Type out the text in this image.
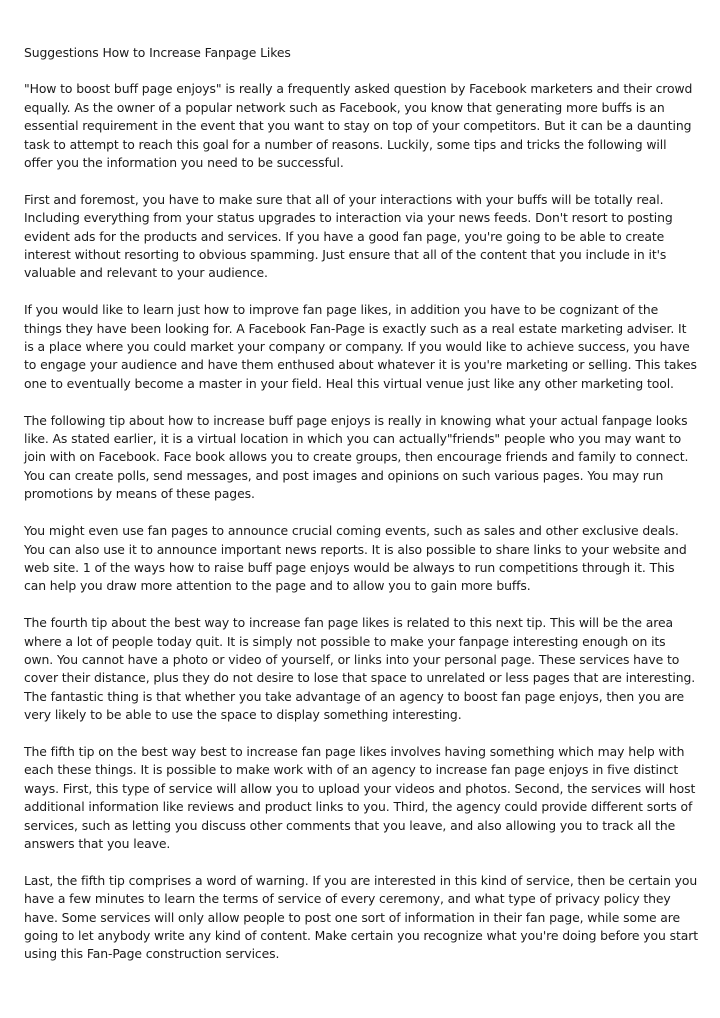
Suggestions How to Increase Fanpage Likes

"How to boost buff page enjoys" is really a frequently asked question by Facebook marketers and their crowd equally. As the owner of a popular network such as Facebook, you know that generating more buffs is an essential requirement in the event that you want to stay on top of your competitors. But it can be a daunting task to attempt to reach this goal for a number of reasons. Luckily, some tips and tricks the following will offer you the information you need to be successful.

First and foremost, you have to make sure that all of your interactions with your buffs will be totally real. Including everything from your status upgrades to interaction via your news feeds. Don't resort to posting evident ads for the products and services. If you have a good fan page, you're going to be able to create interest without resorting to obvious spamming. Just ensure that all of the content that you include in it's valuable and relevant to your audience.

If you would like to learn just how to improve fan page likes, in addition you have to be cognizant of the things they have been looking for. A Facebook Fan-Page is exactly such as a real estate marketing adviser. It is a place where you could market your company or company. If you would like to achieve success, you have to engage your audience and have them enthused about whatever it is you're marketing or selling. This takes one to eventually become a master in your field. Heal this virtual venue just like any other marketing tool.

The following tip about how to increase buff page enjoys is really in knowing what your actual fanpage looks like. As stated earlier, it is a virtual location in which you can actually"friends" people who you may want to join with on Facebook. Face book allows you to create groups, then encourage friends and family to connect. You can create polls, send messages, and post images and opinions on such various pages. You may run promotions by means of these pages.

You might even use fan pages to announce crucial coming events, such as sales and other exclusive deals. You can also use it to announce important news reports. It is also possible to share links to your website and web site. 1 of the ways how to raise buff page enjoys would be always to run competitions through it. This can help you draw more attention to the page and to allow you to gain more buffs.

The fourth tip about the best way to increase fan page likes is related to this next tip. This will be the area where a lot of people today quit. It is simply not possible to make your fanpage interesting enough on its own. You cannot have a photo or video of yourself, or links into your personal page. These services have to cover their distance, plus they do not desire to lose that space to unrelated or less pages that are interesting. The fantastic thing is that whether you take advantage of an agency to boost fan page enjoys, then you are very likely to be able to use the space to display something interesting.

The fifth tip on the best way best to increase fan page likes involves having something which may help with each these things. It is possible to make work with of an agency to increase fan page enjoys in five distinct ways. First, this type of service will allow you to upload your videos and photos. Second, the services will host additional information like reviews and product links to you. Third, the agency could provide different sorts of services, such as letting you discuss other comments that you leave, and also allowing you to track all the answers that you leave.

Last, the fifth tip comprises a word of warning. If you are interested in this kind of service, then be certain you have a few minutes to learn the terms of service of every ceremony, and what type of privacy policy they have. Some services will only allow people to post one sort of information in their fan page, while some are going to let anybody write any kind of content. Make certain you recognize what you're doing before you start using this Fan-Page construction services.
